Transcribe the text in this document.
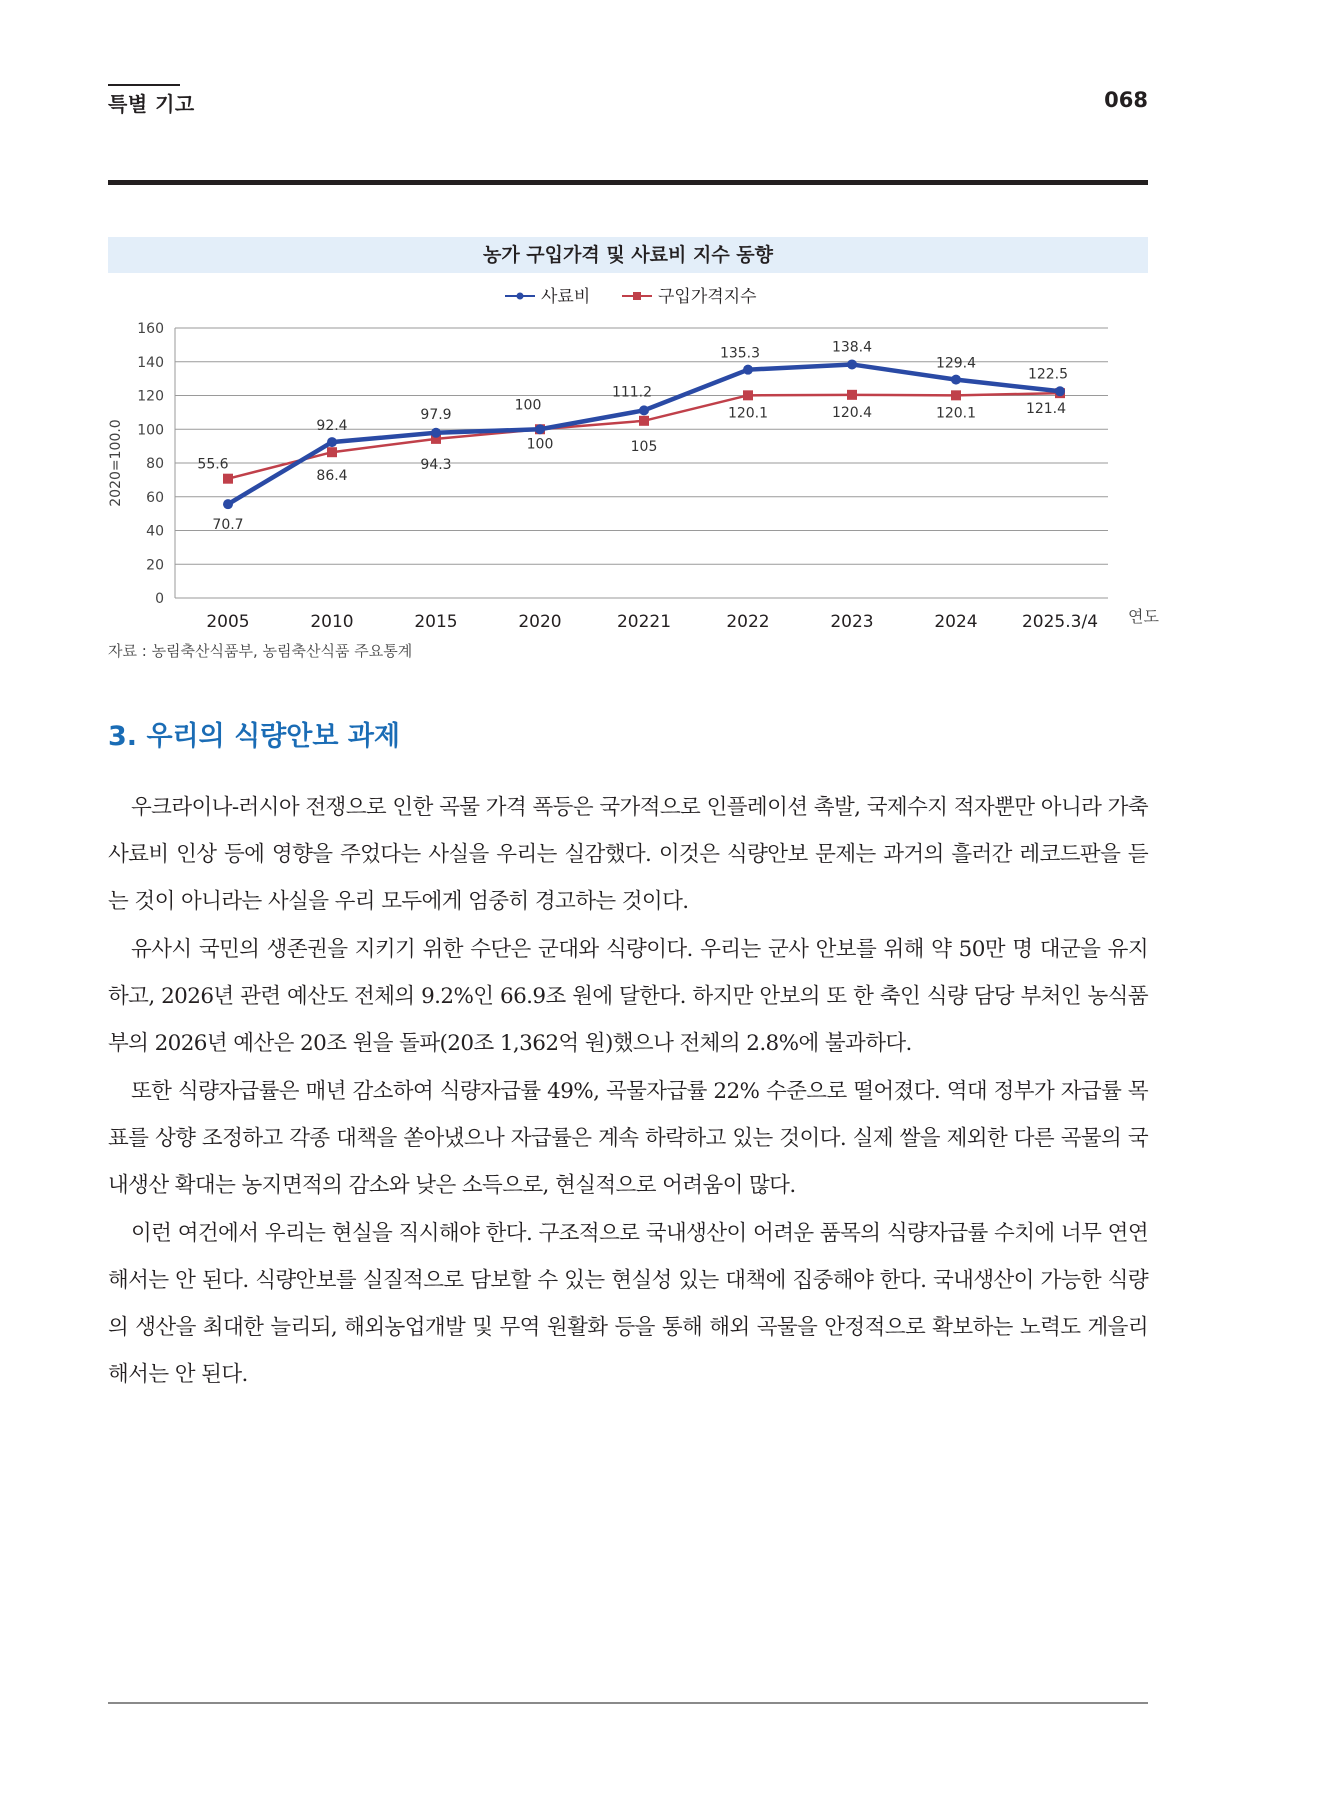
특별 기고	068
농가 구입가격 및 사료비 지수 동향
0
20
40
60
80
100
120
140
160
2020=100.0
연도
2005	2010	2015	2020	20221	2022	2023	2024	2025.3/4
사료비	구입가격지수
70.7
92.4
97.9
100
111.2
135.3	138.4
129.4
122.5
55.6
86.4
94.3
100	105
120.1	120.4	120.1	121.4
자료 : 농림축산식품부, 농림축산식품 주요통계
3. 우리의 식량안보 과제

우크라이나-러시아 전쟁으로 인한 곡물 가격 폭등은 국가적으로 인플레이션 촉발, 국제수지 적자뿐만 아니라 가축 사료비 인상 등에 영향을 주었다는 사실을 우리는 실감했다. 이것은 식량안보 문제는 과거의 흘러간 레코드판을 듣는 것이 아니라는 사실을 우리 모두에게 엄중히 경고하는 것이다.

유사시 국민의 생존권을 지키기 위한 수단은 군대와 식량이다. 우리는 군사 안보를 위해 약 50만 명 대군을 유지하고, 2026년 관련 예산도 전체의 9.2%인 66.9조 원에 달한다. 하지만 안보의 또 한 축인 식량 담당 부처인 농식품부의 2026년 예산은 20조 원을 돌파(20조 1,362억 원)했으나 전체의 2.8%에 불과하다.

또한 식량자급률은 매년 감소하여 식량자급률 49%, 곡물자급률 22% 수준으로 떨어졌다. 역대 정부가 자급률 목표를 상향 조정하고 각종 대책을 쏟아냈으나 자급률은 계속 하락하고 있는 것이다. 실제 쌀을 제외한 다른 곡물의 국내생산 확대는 농지면적의 감소와 낮은 소득으로, 현실적으로 어려움이 많다.

이런 여건에서 우리는 현실을 직시해야 한다. 구조적으로 국내생산이 어려운 품목의 식량자급률 수치에 너무 연연해서는 안 된다. 식량안보를 실질적으로 담보할 수 있는 현실성 있는 대책에 집중해야 한다. 국내생산이 가능한 식량의 생산을 최대한 늘리되, 해외농업개발 및 무역 원활화 등을 통해 해외 곡물을 안정적으로 확보하는 노력도 게을리해서는 안 된다.
